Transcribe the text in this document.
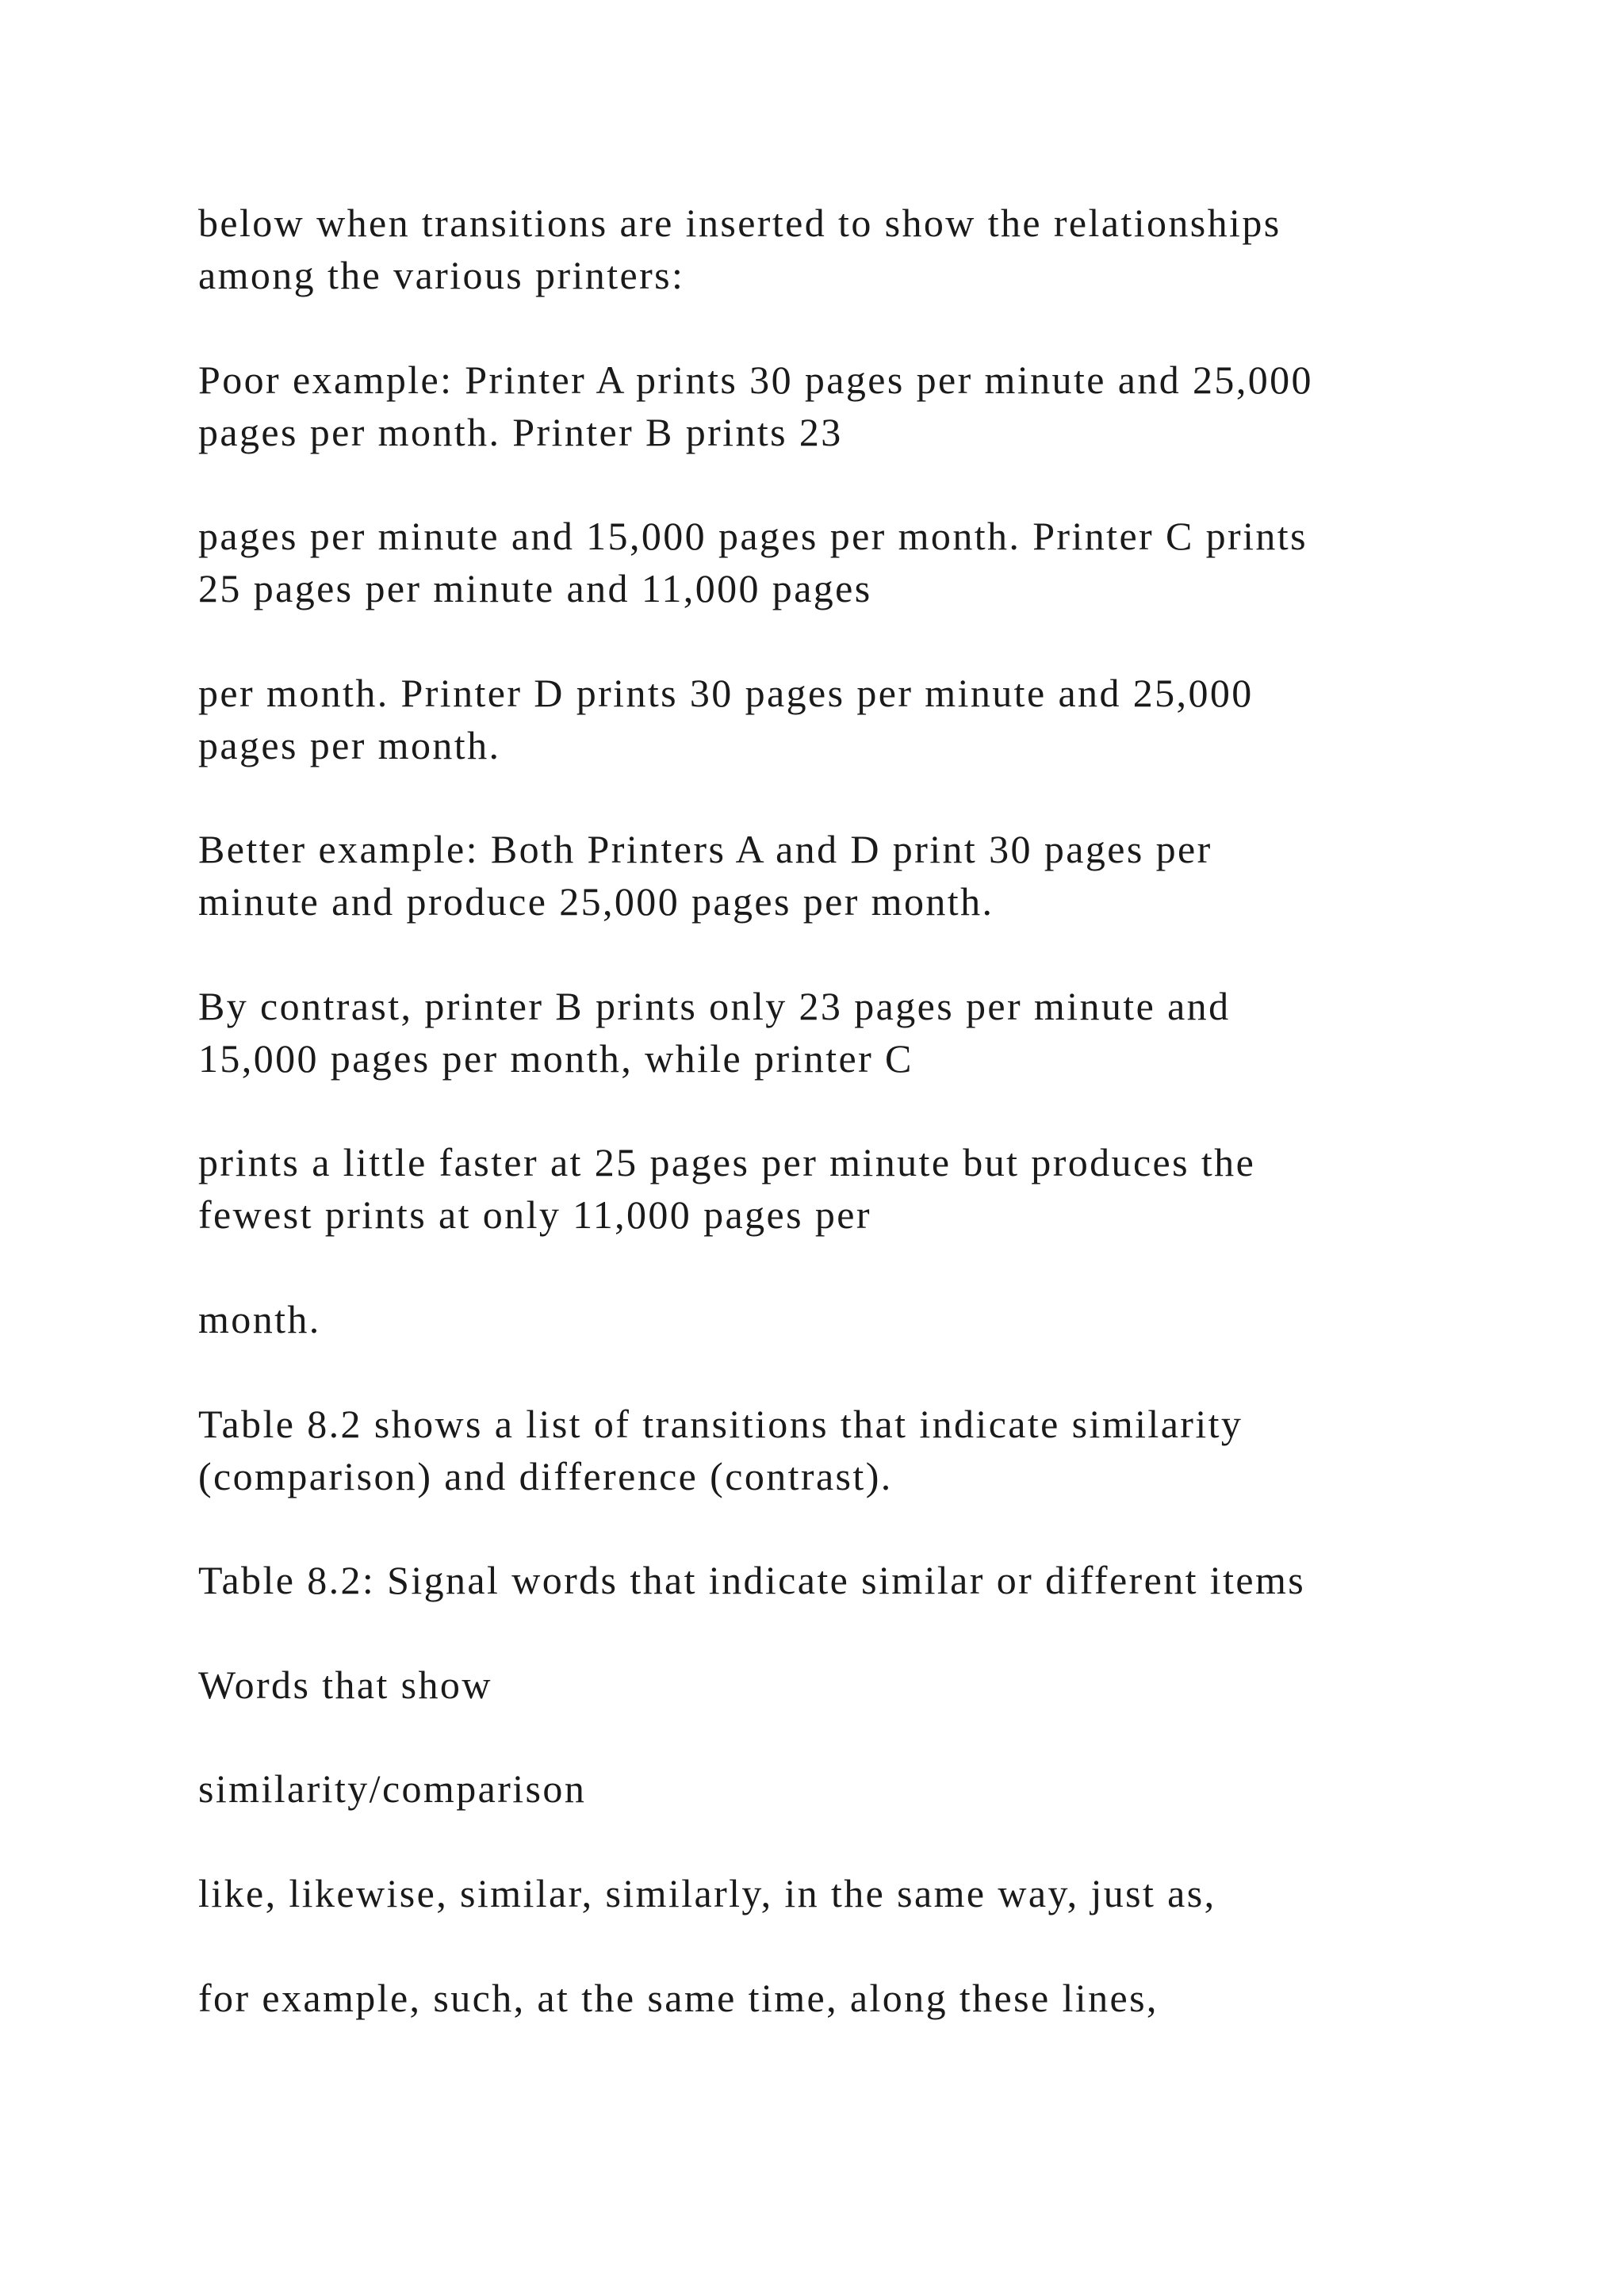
below when transitions are inserted to show the relationships
among the various printers:

Poor example: Printer A prints 30 pages per minute and 25,000
pages per month. Printer B prints 23

pages per minute and 15,000 pages per month. Printer C prints
25 pages per minute and 11,000 pages

per month. Printer D prints 30 pages per minute and 25,000
pages per month.

Better example: Both Printers A and D print 30 pages per
minute and produce 25,000 pages per month.

By contrast, printer B prints only 23 pages per minute and
15,000 pages per month, while printer C

prints a little faster at 25 pages per minute but produces the
fewest prints at only 11,000 pages per

month.

Table 8.2 shows a list of transitions that indicate similarity
(comparison) and difference (contrast).

Table 8.2: Signal words that indicate similar or different items

Words that show

similarity/comparison

like, likewise, similar, similarly, in the same way, just as,

for example, such, at the same time, along these lines,
